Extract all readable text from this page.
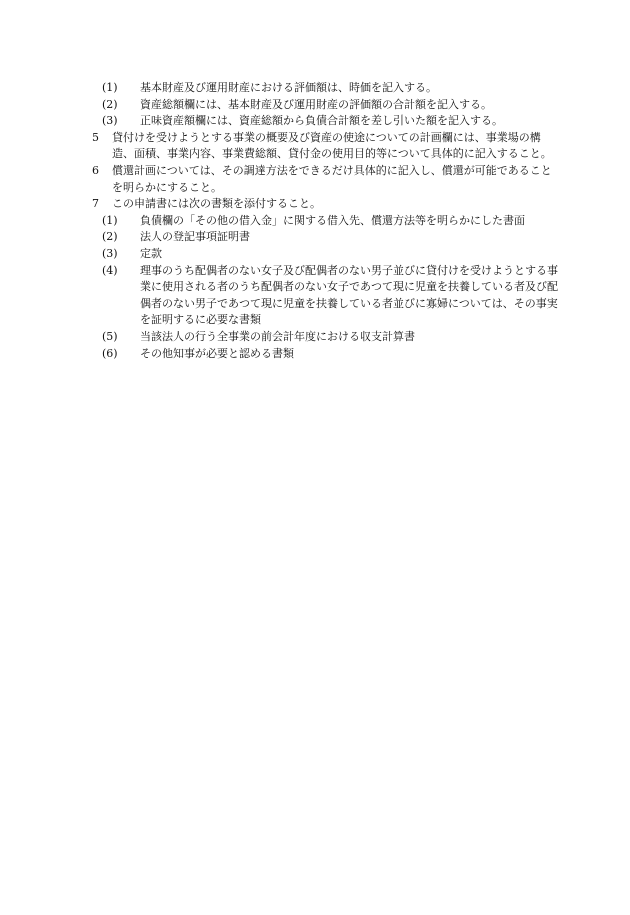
(1)	基本財産及び運用財産における評価額は、時価を記入する。
(2)	資産総額欄には、基本財産及び運用財産の評価額の合計額を記入する。
(3)	正味資産額欄には、資産総額から負債合計額を差し引いた額を記入する。
5	貸付けを受けようとする事業の概要及び資産の使途についての計画欄には、事業場の構造、面積、事業内容、事業費総額、貸付金の使用目的等について具体的に記入すること。
6	償還計画については、その調達方法をできるだけ具体的に記入し、償還が可能であることを明らかにすること。
7	この申請書には次の書類を添付すること。
(1)	負債欄の「その他の借入金」に関する借入先、償還方法等を明らかにした書面
(2)	法人の登記事項証明書
(3)	定款
(4)	理事のうち配偶者のない女子及び配偶者のない男子並びに貸付けを受けようとする事業に使用される者のうち配偶者のない女子であつて現に児童を扶養している者及び配偶者のない男子であつて現に児童を扶養している者並びに寡婦については、その事実を証明するに必要な書類
(5)	当該法人の行う全事業の前会計年度における収支計算書
(6)	その他知事が必要と認める書類
